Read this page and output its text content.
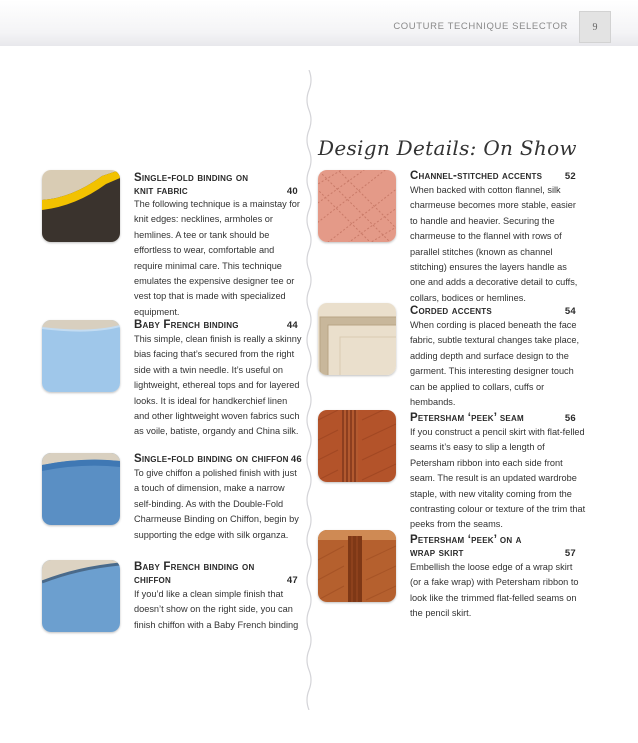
COUTURE TECHNIQUE SELECTOR 9
Design Details: On Show
Single-fold binding on knit fabric	40
The following technique is a mainstay for knit edges: necklines, armholes or hemlines. A tee or tank should be effortless to wear, comfortable and require minimal care. This technique emulates the expensive designer tee or vest top that is made with specialized equipment.
Baby French binding	44
This simple, clean finish is really a skinny bias facing that’s secured from the right side with a twin needle. It’s useful on lightweight, ethereal tops and for layered looks. It is ideal for handkerchief linen and other lightweight woven fabrics such as voile, batiste, organdy and China silk.
Single-fold binding on chiffon 46
To give chiffon a polished finish with just a touch of dimension, make a narrow self-binding. As with the Double-Fold Charmeuse Binding on Chiffon, begin by supporting the edge with silk organza.
Baby French binding on chiffon	47
If you’d like a clean simple finish that doesn’t show on the right side, you can finish chiffon with a Baby French binding
Channel-stitched accents 52
When backed with cotton flannel, silk charmeuse becomes more stable, easier to handle and heavier. Securing the charmeuse to the flannel with rows of parallel stitches (known as channel stitching) ensures the layers handle as one and adds a decorative detail to cuffs, collars, bodices or hemlines.
Corded accents	54
When cording is placed beneath the face fabric, subtle textural changes take place, adding depth and surface design to the garment. This interesting designer touch can be applied to collars, cuffs or hembands.
Petersham ‘peek’ seam	56
If you construct a pencil skirt with flat-felled seams it’s easy to slip a length of Petersham ribbon into each side front seam. The result is an updated wardrobe staple, with new vitality coming from the contrasting colour or texture of the trim that peeks from the seams.
Petersham ‘peek’ on a wrap skirt	57
Embellish the loose edge of a wrap skirt (or a fake wrap) with Petersham ribbon to look like the trimmed flat-felled seams on the pencil skirt.
